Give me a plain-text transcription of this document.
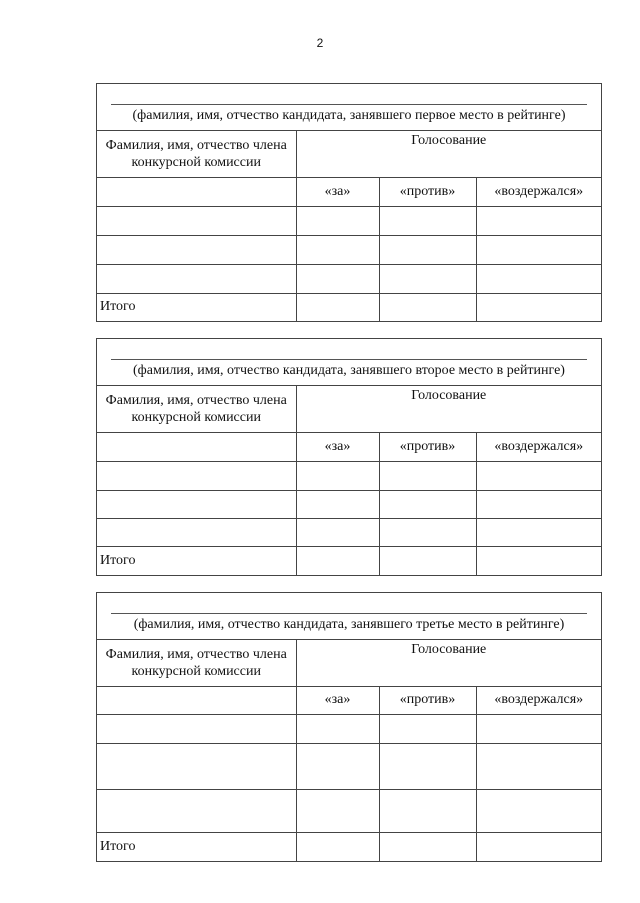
2
(фамилия, имя, отчество кандидата, занявшего первое место в рейтинге)
Фамилия, имя, отчество члена конкурсной комиссии	Голосование		
	«за»	«против»	«воздержался»

Итого			
(фамилия, имя, отчество кандидата, занявшего второе место в рейтинге)
Фамилия, имя, отчество члена конкурсной комиссии	Голосование		
	«за»	«против»	«воздержался»

Итого			
(фамилия, имя, отчество кандидата, занявшего третье место в рейтинге)
Фамилия, имя, отчество члена конкурсной комиссии	Голосование		
	«за»	«против»	«воздержался»

Итого			
